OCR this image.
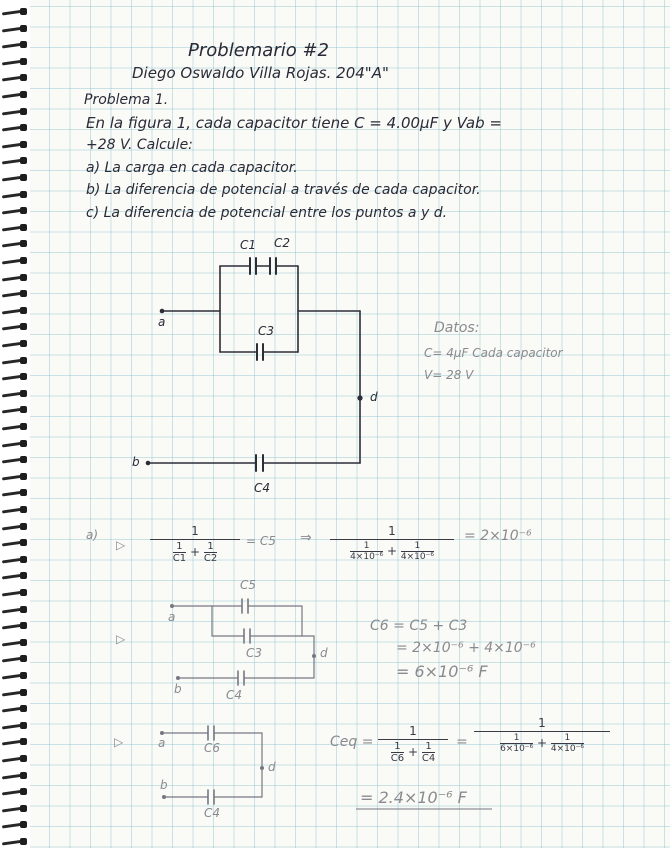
Problemario #2
Diego Oswaldo Villa Rojas. 204"A"
Problema 1.
En la figura 1, cada capacitor tiene C = 4.00μF y Vab =
+28 V. Calcule:
a) La carga en cada capacitor.
b) La diferencia de potencial a través de cada capacitor.
c) La diferencia de potencial entre los puntos a y d.
C1 C2
C3
C4
a
b
d
Datos:
C= 4μF Cada capacitor
V= 28 V
a)
▷
1
$\frac{1}{C1} + \frac{1}{C2} = C5$ ⇒	1
$\frac{1}{\text{4×10⁻⁶}} + \frac{1}{\text{4×10⁻⁶}}$
= 2×10⁻⁶
▷
C5
C3
C4
a
b
d
C6 = C5 + C3
= 2×10⁻⁶ + 4×10⁻⁶
= 6×10⁻⁶ F
▷	C6
C4
a
b
d
Ceq =
1
$\frac{1}{C6} + \frac{1}{C4}$ =
1
$\frac{1}{\text{6×10⁻⁶}} + \frac{1}{\text{4×10⁻⁶}}$
= 2.4×10⁻⁶ F
